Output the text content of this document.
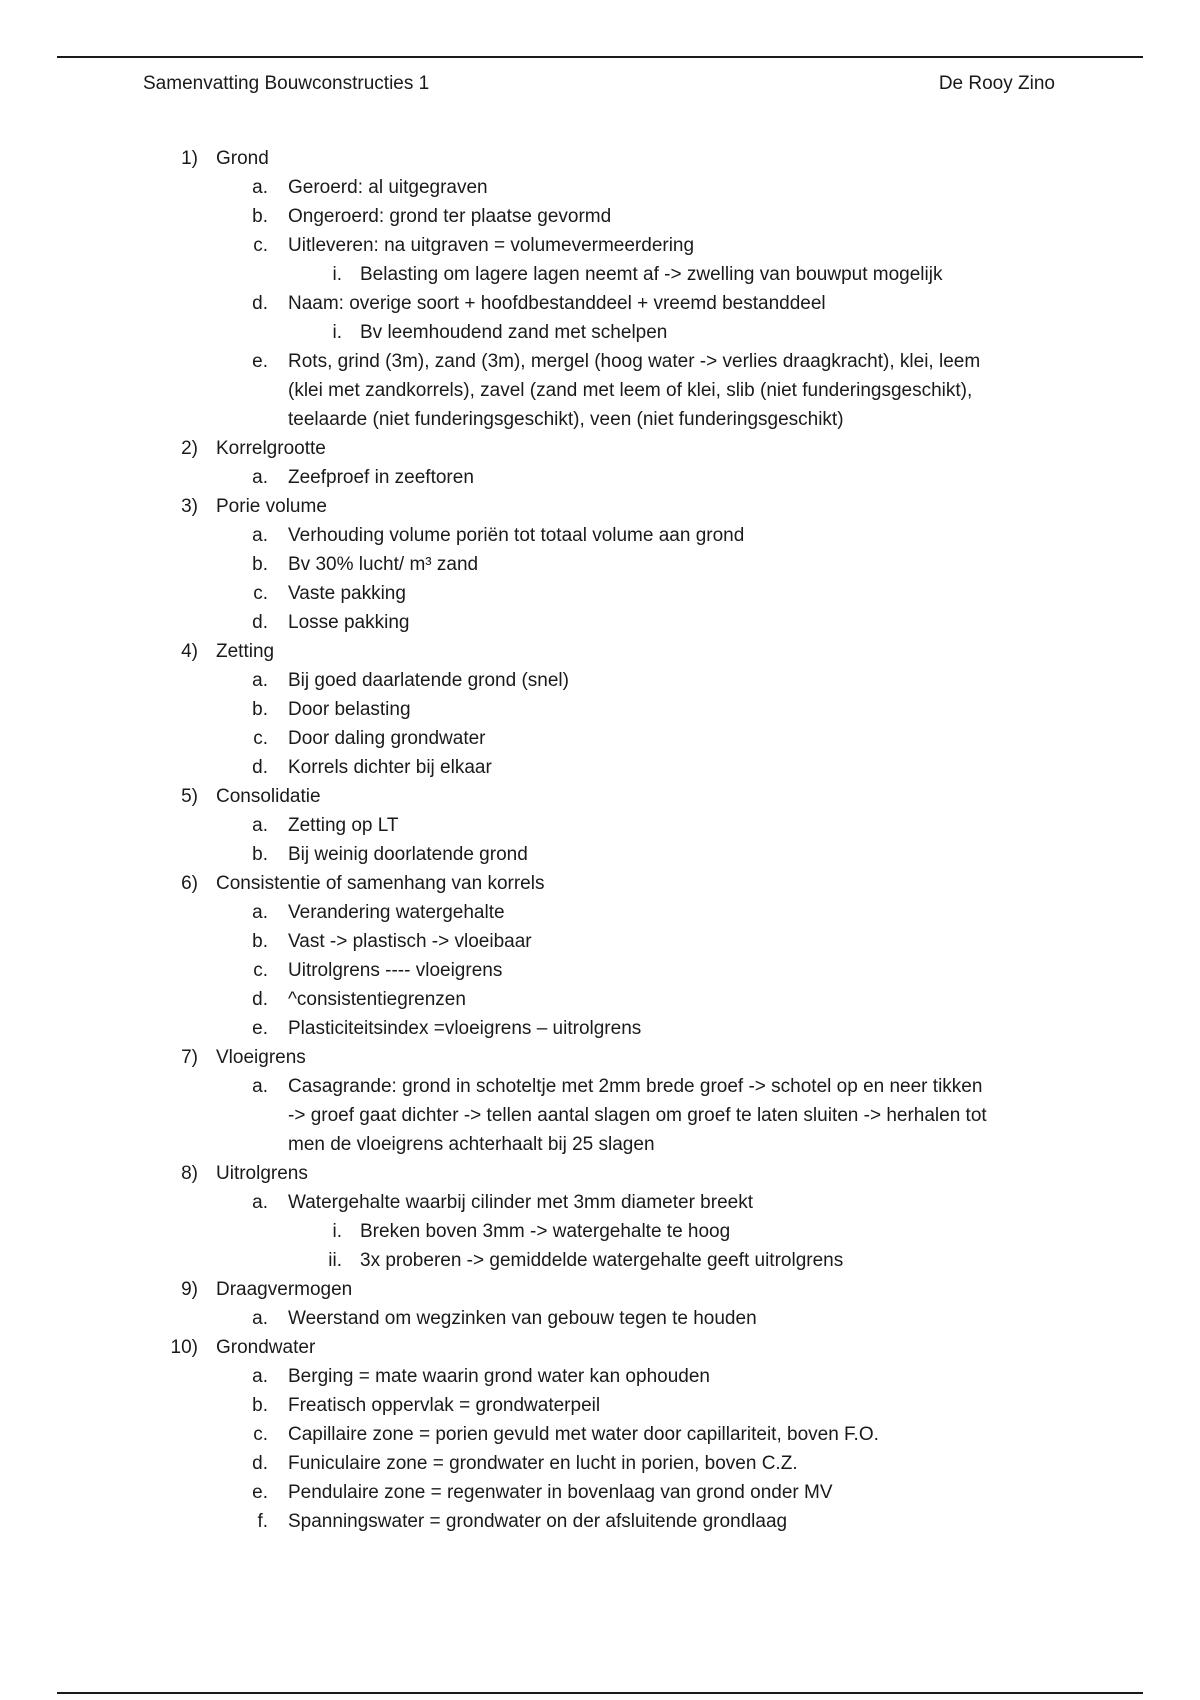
Samenvatting Bouwconstructies 1	De Rooy Zino
1) Grond
a. Geroerd: al uitgegraven
b. Ongeroerd: grond ter plaatse gevormd
c. Uitleveren: na uitgraven = volumevermeerdering
i. Belasting om lagere lagen neemt af -> zwelling van bouwput mogelijk
d. Naam: overige soort + hoofdbestanddeel + vreemd bestanddeel
i. Bv leemhoudend zand met schelpen
e. Rots, grind (3m), zand (3m), mergel (hoog water -> verlies draagkracht), klei, leem (klei met zandkorrels), zavel (zand met leem of klei, slib (niet funderingsgeschikt), teelaarde (niet funderingsgeschikt), veen (niet funderingsgeschikt)
2) Korrelgrootte
a. Zeefproef in zeeftoren
3) Porie volume
a. Verhouding volume poriën tot totaal volume aan grond
b. Bv 30% lucht/ m³ zand
c. Vaste pakking
d. Losse pakking
4) Zetting
a. Bij goed daarlatende grond (snel)
b. Door belasting
c. Door daling grondwater
d. Korrels dichter bij elkaar
5) Consolidatie
a. Zetting op LT
b. Bij weinig doorlatende grond
6) Consistentie of samenhang van korrels
a. Verandering watergehalte
b. Vast -> plastisch -> vloeibaar
c. Uitrolgrens ---- vloeigrens
d. ^consistentiegrenzen
e. Plasticiteitsindex =vloeigrens – uitrolgrens
7) Vloeigrens
a. Casagrande: grond in schoteltje met 2mm brede groef -> schotel op en neer tikken -> groef gaat dichter -> tellen aantal slagen om groef te laten sluiten -> herhalen tot men de vloeigrens achterhaalt bij 25 slagen
8) Uitrolgrens
a. Watergehalte waarbij cilinder met 3mm diameter breekt
i. Breken boven 3mm -> watergehalte te hoog
ii. 3x proberen -> gemiddelde watergehalte geeft uitrolgrens
9) Draagvermogen
a. Weerstand om wegzinken van gebouw tegen te houden
10) Grondwater
a. Berging = mate waarin grond water kan ophouden
b. Freatisch oppervlak = grondwaterpeil
c. Capillaire zone = porien gevuld met water door capillariteit, boven F.O.
d. Funiculaire zone = grondwater en lucht in porien, boven C.Z.
e. Pendulaire zone = regenwater in bovenlaag van grond onder MV
f. Spanningswater = grondwater on der afsluitende grondlaag
